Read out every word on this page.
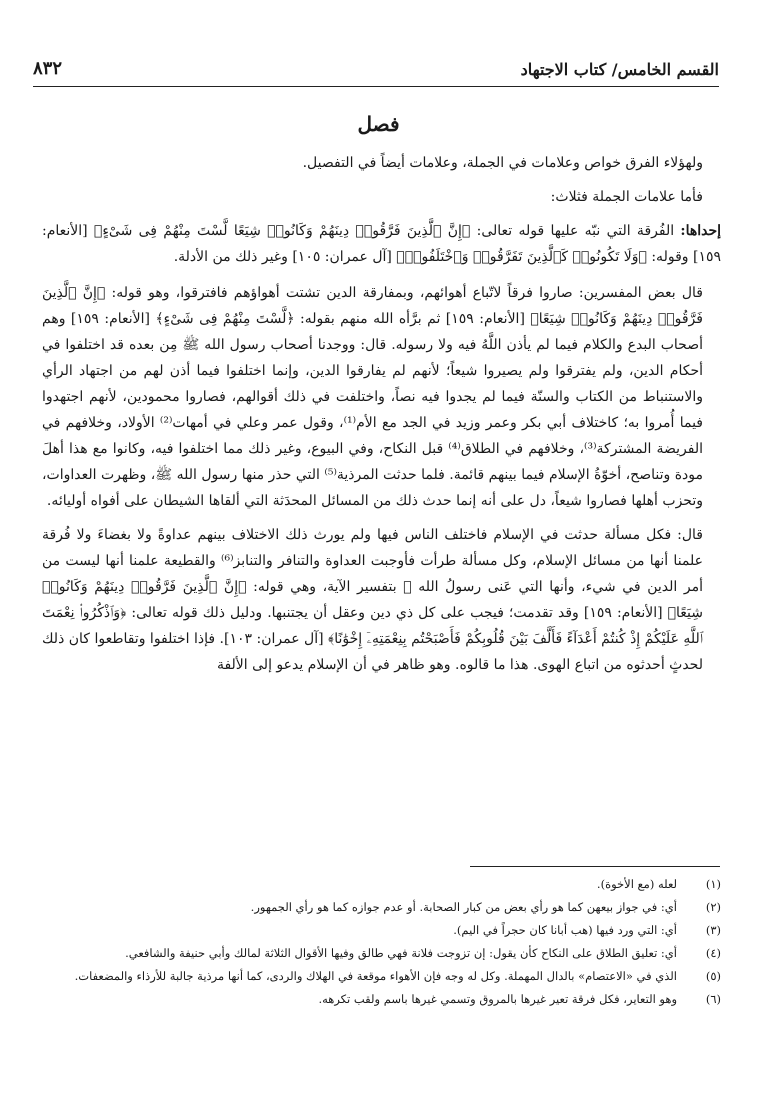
القسم الخامس/ كتاب الاجتهاد
٨٣٢
فصل

ولهؤلاء الفرق خواص وعلامات في الجملة، وعلامات أيضاً في التفصيل.

فأما علامات الجملة فثلاث:

إحداها: الفُرقة التي نبّه عليها قوله تعالى: ﴿إِنَّ ٱلَّذِينَ فَرَّقُوا۟ دِينَهُمْ وَكَانُوا۟ شِيَعًا لَّسْتَ مِنْهُمْ فِى شَىْءٍ﴾ [الأنعام: ١٥٩] وقوله: ﴿وَلَا تَكُونُوا۟ كَٱلَّذِينَ تَفَرَّقُوا۟ وَٱخْتَلَفُوا۟﴾ [آل عمران: ١٠٥] وغير ذلك من الأدلة.

قال بعض المفسرين: صاروا فرقاً لاتّباع أهوائهم، وبمفارقة الدين تشتت أهواؤهم فافترقوا، وهو قوله: ﴿إِنَّ ٱلَّذِينَ فَرَّقُوا۟ دِينَهُمْ وَكَانُوا۟ شِيَعًا﴾ [الأنعام: ١٥٩] ثم برَّأه الله منهم بقوله: ﴿لَّسْتَ مِنْهُمْ فِى شَىْءٍ﴾ [الأنعام: ١٥٩] وهم أصحاب البدع والكلام فيما لم يأذن اللَّهُ فيه ولا رسوله. قال: ووجدنا أصحاب رسول الله ﷺ مِن بعده قد اختلفوا في أحكام الدين، ولم يفترقوا ولم يصيروا شيعاً؛ لأنهم لم يفارقوا الدين، وإنما اختلفوا فيما أذن لهم من اجتهاد الرأي والاستنباط من الكتاب والسنّة فيما لم يجدوا فيه نصاً، واختلفت في ذلك أقوالهم، فصاروا محمودين، لأنهم اجتهدوا فيما أُمروا به؛ كاختلاف أبي بكر وعمر وزيد في الجد مع الأم⁽¹⁾، وقول عمر وعلي في أمهات⁽²⁾ الأولاد، وخلافهم في الفريضة المشتركة⁽³⁾، وخلافهم في الطلاق⁽⁴⁾ قبل النكاح، وفي البيوع، وغير ذلك مما اختلفوا فيه، وكانوا مع هذا أهلَ مودة وتناصح، أخوّةُ الإسلام فيما بينهم قائمة. فلما حدثت المرذية⁽⁵⁾ التي حذر منها رسول الله ﷺ، وظهرت العداوات، وتحزب أهلها فصاروا شيعاً، دل على أنه إنما حدث ذلك من المسائل المحدَثة التي ألقاها الشيطان على أفواه أوليائه.

قال: فكل مسألة حدثت في الإسلام فاختلف الناس فيها ولم يورث ذلك الاختلاف بينهم عداوةً ولا بغضاءَ ولا فُرقة علمنا أنها من مسائل الإسلام، وكل مسألة طرأت فأوجبت العداوة والتنافر والتنابز⁽⁶⁾ والقطيعة علمنا أنها ليست من أمر الدين في شيء، وأنها التي عَنى رسولُ الله ﷺ بتفسير الآية، وهي قوله: ﴿إِنَّ ٱلَّذِينَ فَرَّقُوا۟ دِينَهُمْ وَكَانُوا۟ شِيَعًا﴾ [الأنعام: ١٥٩] وقد تقدمت؛ فيجب على كل ذي دين وعقل أن يجتنبها. ودليل ذلك قوله تعالى: ﴿وَٱذْكُرُوا۟ نِعْمَتَ ٱللَّهِ عَلَيْكُمْ إِذْ كُنتُمْ أَعْدَآءً فَأَلَّفَ بَيْنَ قُلُوبِكُمْ فَأَصْبَحْتُم بِنِعْمَتِهِۦٓ إِخْوَٰنًا﴾ [آل عمران: ١٠٣]. فإذا اختلفوا وتقاطعوا كان ذلك لحدثٍ أحدثوه من اتباع الهوى. هذا ما قالوه. وهو ظاهر في أن الإسلام يدعو إلى الألفة

(١)
لعله (مع الأخوة).
(٢)
أي: في جواز بيعهن كما هو رأي بعض من كبار الصحابة. أو عدم جوازه كما هو رأي الجمهور.
(٣)
أي: التي ورد فيها (هب أبانا كان حجراً في اليم).
(٤)
أي: تعليق الطلاق على النكاح كأن يقول: إن تزوجت فلانة فهي طالق وفيها الأقوال الثلاثة لمالك وأبي حنيفة والشافعي.
(٥)
الذي في «الاعتصام» بالدال المهملة. وكل له وجه فإن الأهواء موقعة في الهلاك والردى، كما أنها مرذية جالبة للأرذاء والمضعفات.
(٦)
وهو التعاير، فكل فرقة تعير غيرها بالمروق وتسمي غيرها باسم ولقب تكرهه.
